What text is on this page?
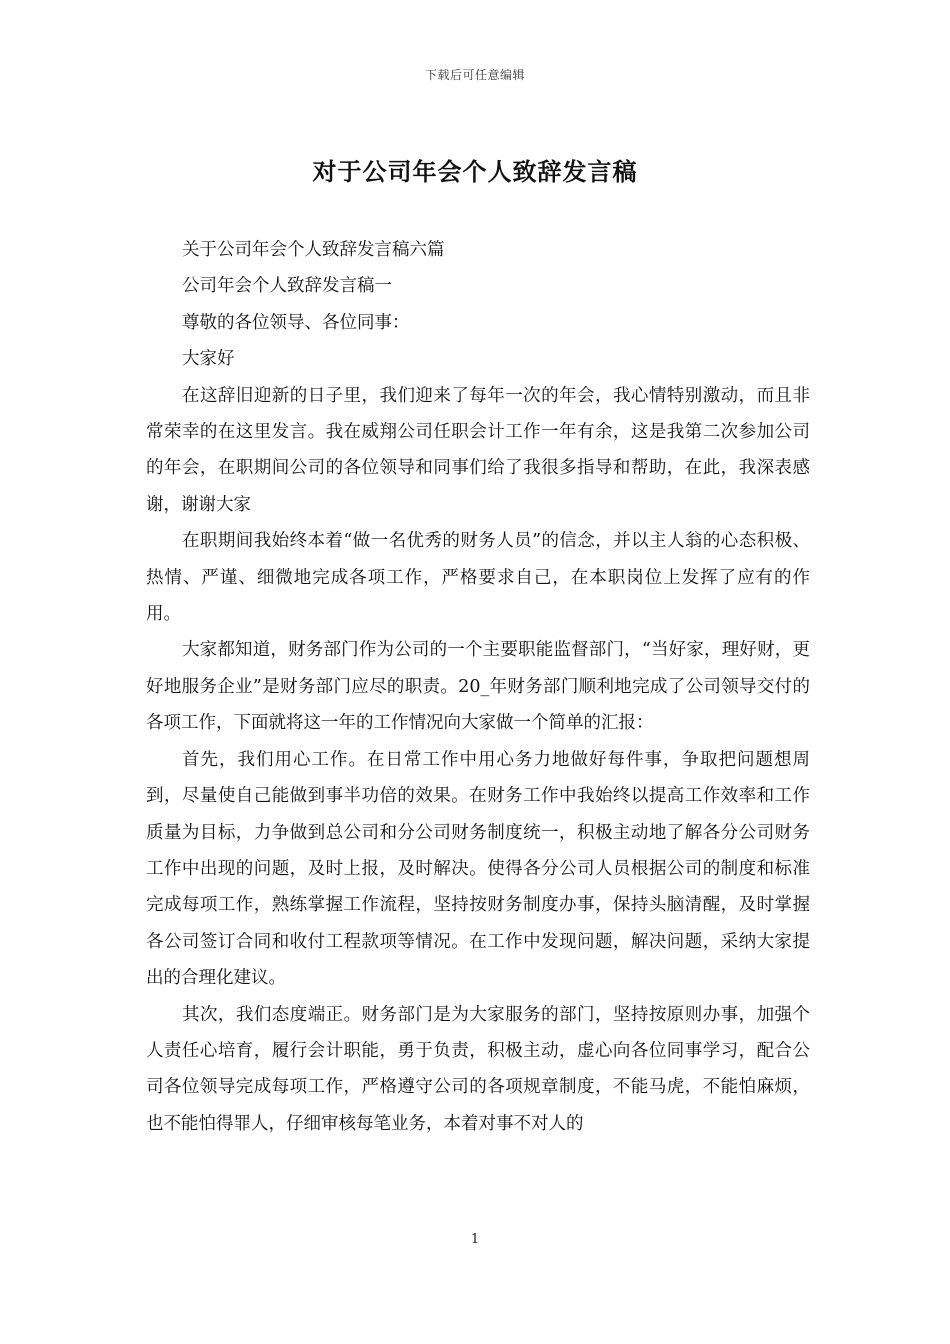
下载后可任意编辑
对于公司年会个人致辞发言稿

关于公司年会个人致辞发言稿六篇

公司年会个人致辞发言稿一

尊敬的各位领导、各位同事：

大家好

在这辞旧迎新的日子里，我们迎来了每年一次的年会，我心情特别激动，而且非常荣幸的在这里发言。我在威翔公司任职会计工作一年有余，这是我第二次参加公司的年会，在职期间公司的各位领导和同事们给了我很多指导和帮助，在此，我深表感谢，谢谢大家

在职期间我始终本着“做一名优秀的财务人员”的信念，并以主人翁的心态积极、热情、严谨、细微地完成各项工作，严格要求自己，在本职岗位上发挥了应有的作用。

大家都知道，财务部门作为公司的一个主要职能监督部门，“当好家，理好财，更好地服务企业”是财务部门应尽的职责。20_年财务部门顺利地完成了公司领导交付的各项工作，下面就将这一年的工作情况向大家做一个简单的汇报：

首先，我们用心工作。在日常工作中用心务力地做好每件事，争取把问题想周到，尽量使自己能做到事半功倍的效果。在财务工作中我始终以提高工作效率和工作质量为目标，力争做到总公司和分公司财务制度统一，积极主动地了解各分公司财务工作中出现的问题，及时上报，及时解决。使得各分公司人员根据公司的制度和标准完成每项工作，熟练掌握工作流程，坚持按财务制度办事，保持头脑清醒，及时掌握各公司签订合同和收付工程款项等情况。在工作中发现问题，解决问题，采纳大家提出的合理化建议。

其次，我们态度端正。财务部门是为大家服务的部门，坚持按原则办事，加强个人责任心培育，履行会计职能，勇于负责，积极主动，虚心向各位同事学习，配合公司各位领导完成每项工作，严格遵守公司的各项规章制度，不能马虎，不能怕麻烦，也不能怕得罪人，仔细审核每笔业务，本着对事不对人的

1
